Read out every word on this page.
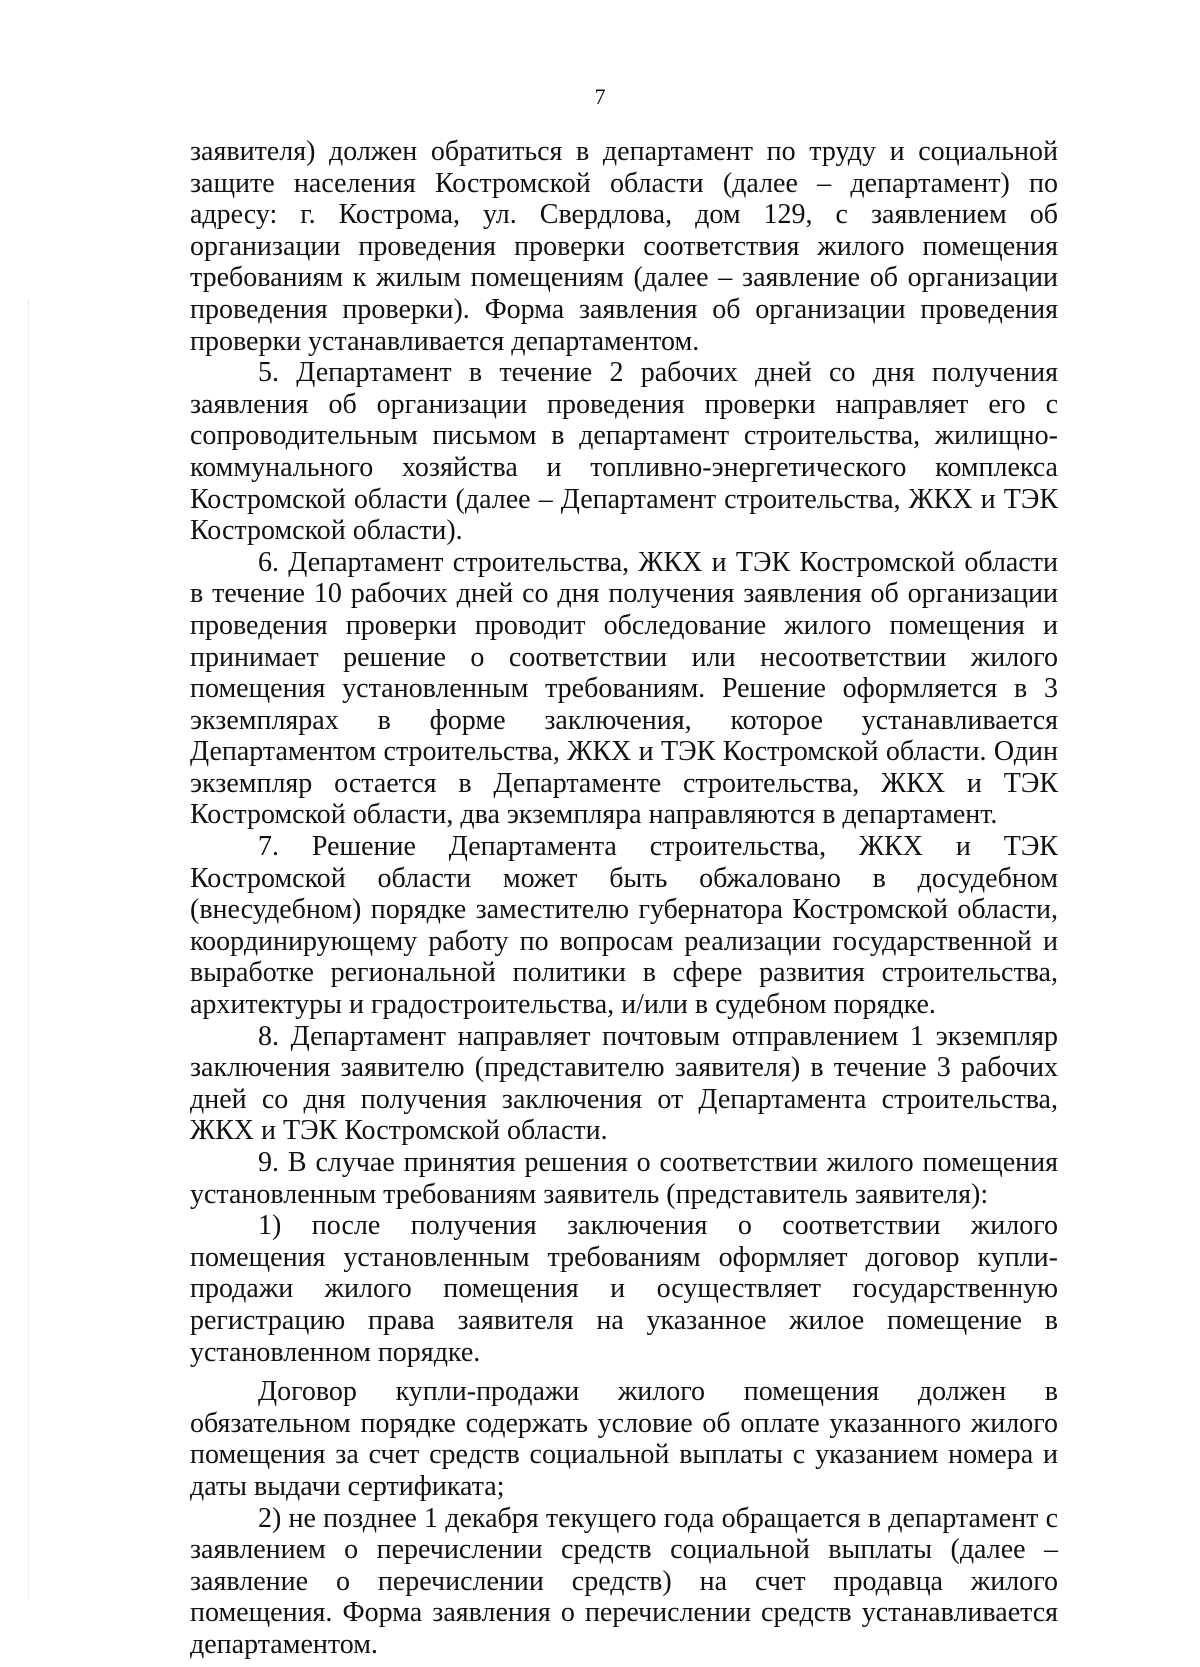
7

заявителя) должен обратиться в департамент по труду и социальной защите населения Костромской области (далее – департамент) по адресу: г. Кострома, ул. Свердлова, дом 129, с заявлением об организации проведения проверки соответствия жилого помещения требованиям к жилым помещениям (далее – заявление об организации проведения проверки). Форма заявления об организации проведения проверки устанавливается департаментом.

5. Департамент в течение 2 рабочих дней со дня получения заявления об организации проведения проверки направляет его с сопроводительным письмом в департамент строительства, жилищно-коммунального хозяйства и топливно-энергетического комплекса Костромской области (далее – Департамент строительства, ЖКХ и ТЭК Костромской области).

6. Департамент строительства, ЖКХ и ТЭК Костромской области в течение 10 рабочих дней со дня получения заявления об организации проведения проверки проводит обследование жилого помещения и принимает решение о соответствии или несоответствии жилого помещения установленным требованиям. Решение оформляется в 3 экземплярах в форме заключения, которое устанавливается Департаментом строительства, ЖКХ и ТЭК Костромской области. Один экземпляр остается в Департаменте строительства, ЖКХ и ТЭК Костромской области, два экземпляра направляются в департамент.

7. Решение Департамента строительства, ЖКХ и ТЭК Костромской области может быть обжаловано в досудебном (внесудебном) порядке заместителю губернатора Костромской области, координирующему работу по вопросам реализации государственной и выработке региональной политики в сфере развития строительства, архитектуры и градостроительства, и/или в судебном порядке.

8. Департамент направляет почтовым отправлением 1 экземпляр заключения заявителю (представителю заявителя) в течение 3 рабочих дней со дня получения заключения от Департамента строительства, ЖКХ и ТЭК Костромской области.

9. В случае принятия решения о соответствии жилого помещения установленным требованиям заявитель (представитель заявителя):

1) после получения заключения о соответствии жилого помещения установленным требованиям оформляет договор купли-продажи жилого помещения и осуществляет государственную регистрацию права заявителя на указанное жилое помещение в установленном порядке.

Договор купли-продажи жилого помещения должен в обязательном порядке содержать условие об оплате указанного жилого помещения за счет средств социальной выплаты с указанием номера и даты выдачи сертификата;

2) не позднее 1 декабря текущего года обращается в департамент с заявлением о перечислении средств социальной выплаты (далее – заявление о перечислении средств) на счет продавца жилого помещения. Форма заявления о перечислении средств устанавливается департаментом.
